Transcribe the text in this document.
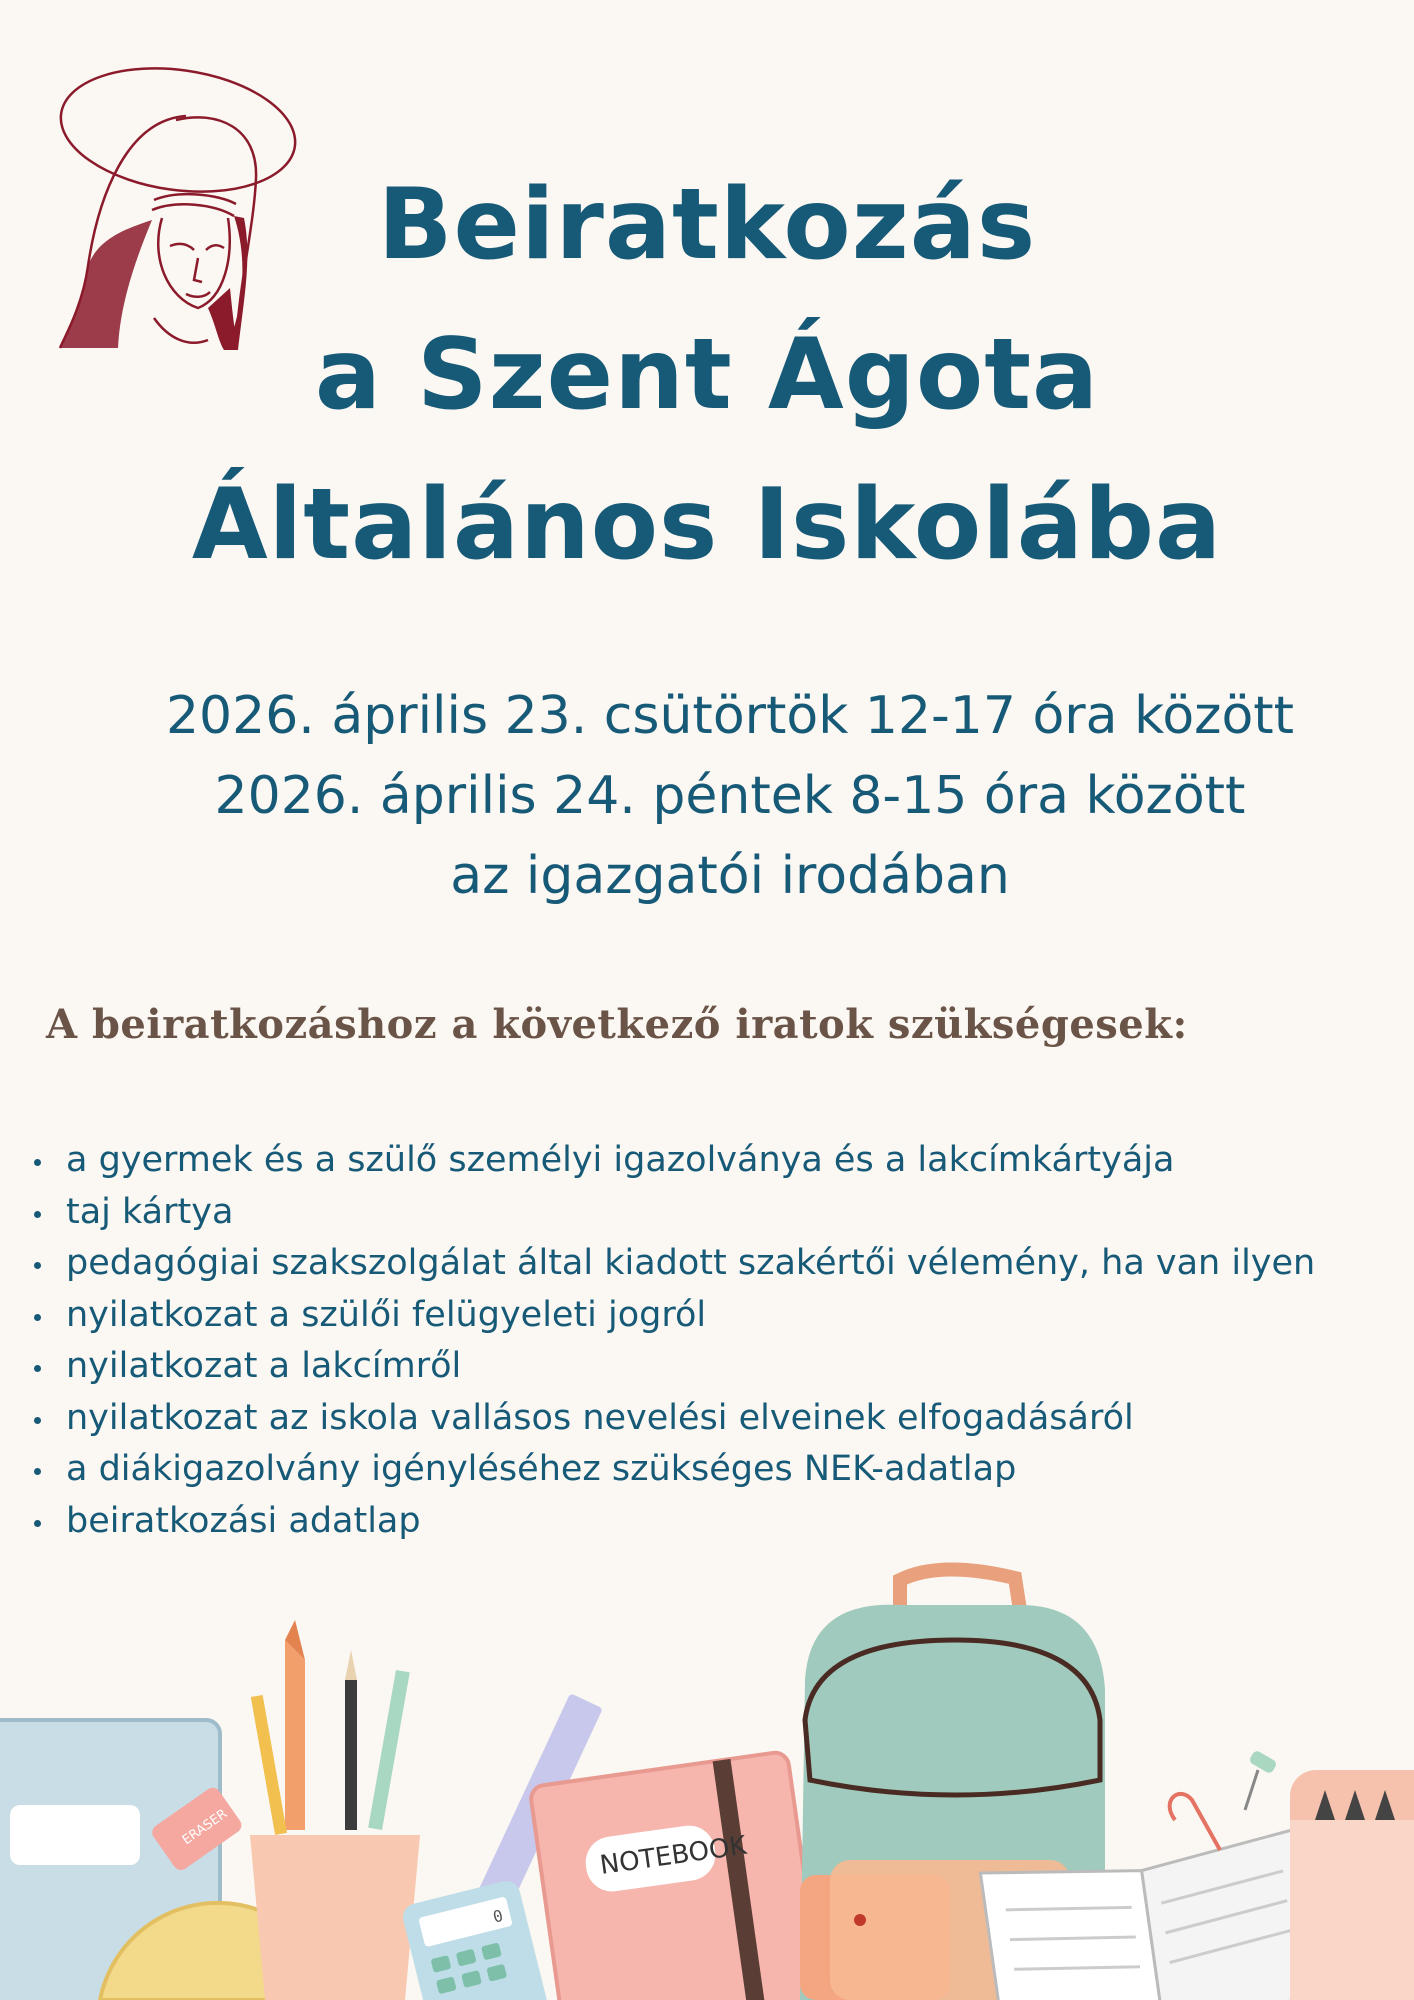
Beiratkozás
a Szent Ágota
Általános Iskolába
2026. április 23. csütörtök 12-17 óra között
2026. április 24. péntek 8-15 óra között
az igazgatói irodában
A beiratkozáshoz a következő iratok szükségesek:
a gyermek és a szülő személyi igazolványa és a lakcímkártyája
taj kártya
pedagógiai szakszolgálat által kiadott szakértői vélemény, ha van ilyen
nyilatkozat a szülői felügyeleti jogról
nyilatkozat a lakcímről
nyilatkozat az iskola vallásos nevelési elveinek elfogadásáról
a diákigazolvány igényléséhez szükséges NEK-adatlap
beiratkozási adatlap
ERASER
0
NOTEBOOK
